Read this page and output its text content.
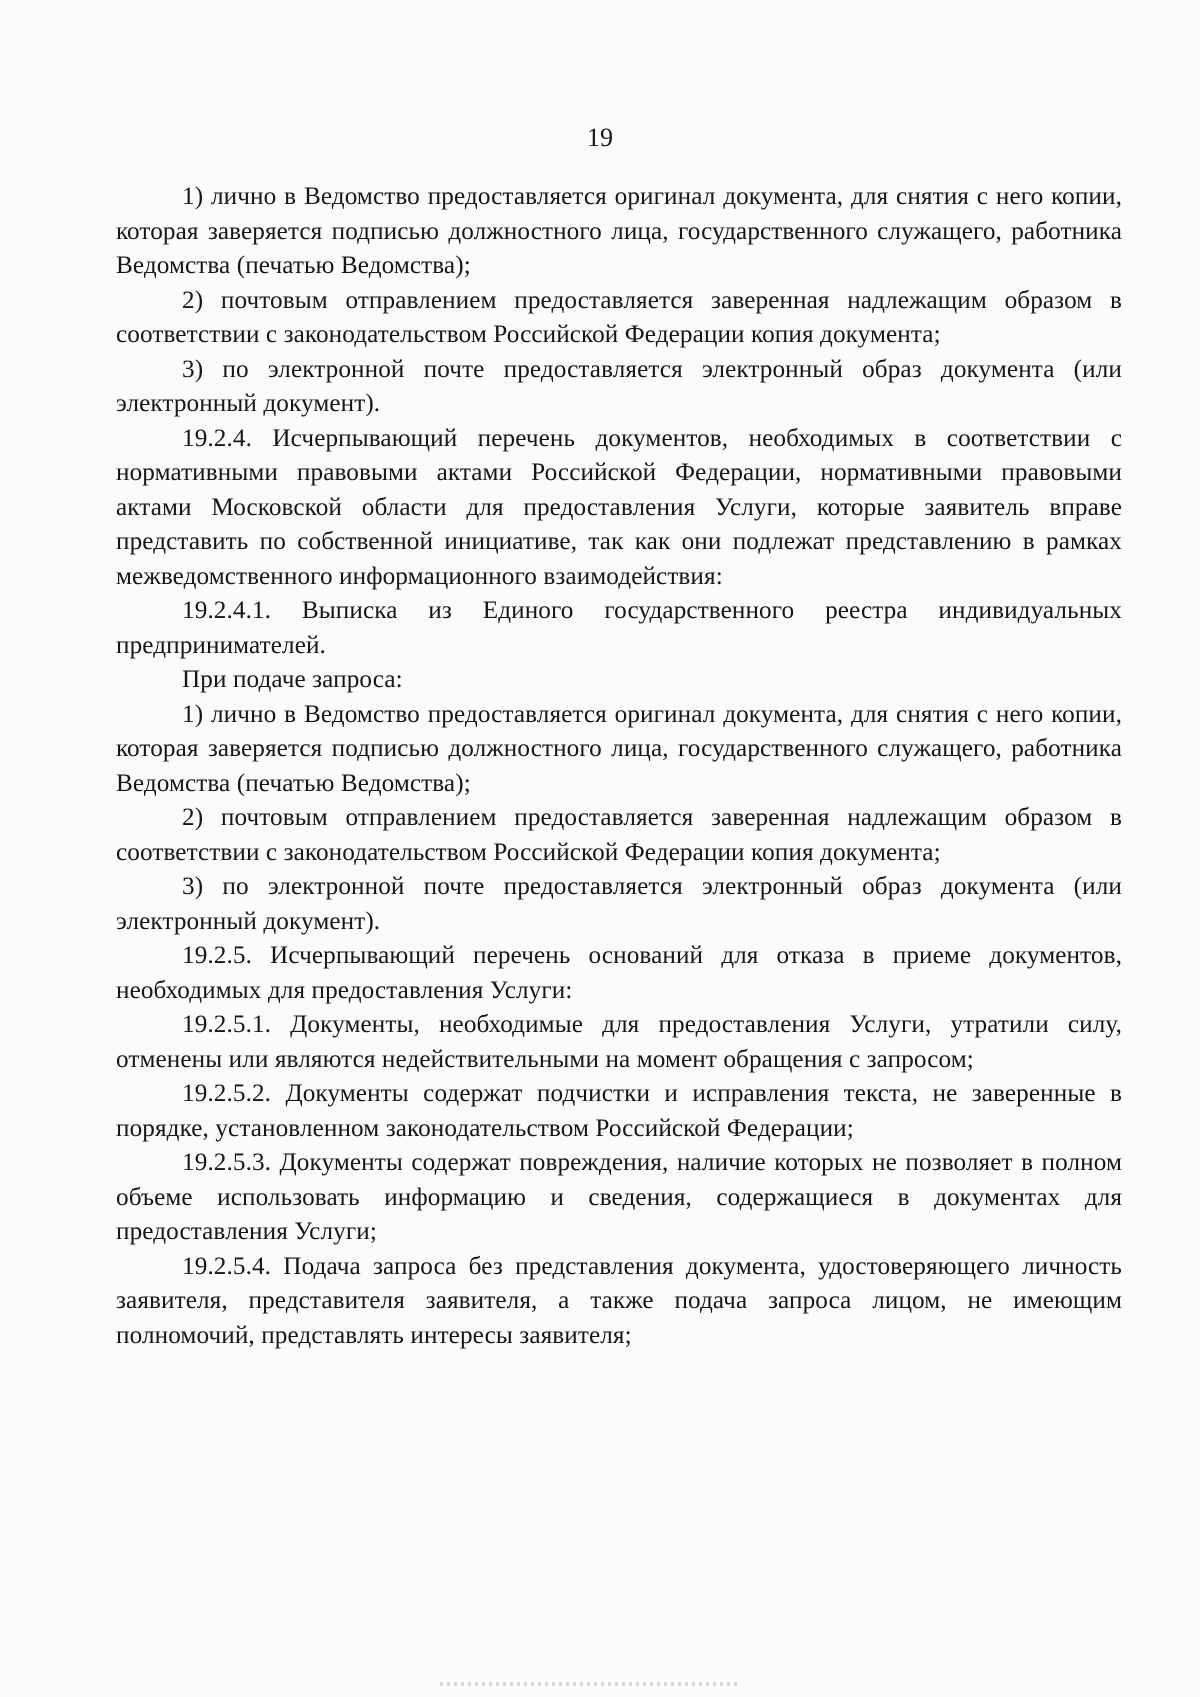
19

1) лично в Ведомство предоставляется оригинал документа, для снятия с него копии, которая заверяется подписью должностного лица, государственного служащего, работника Ведомства (печатью Ведомства);

2) почтовым отправлением предоставляется заверенная надлежащим образом в соответствии с законодательством Российской Федерации копия документа;

3) по электронной почте предоставляется электронный образ документа (или электронный документ).

19.2.4. Исчерпывающий перечень документов, необходимых в соответствии с нормативными правовыми актами Российской Федерации, нормативными правовыми актами Московской области для предоставления Услуги, которые заявитель вправе представить по собственной инициативе, так как они подлежат представлению в рамках межведомственного информационного взаимодействия:

19.2.4.1. Выписка из Единого государственного реестра индивидуальных предпринимателей.

При подаче запроса:

1) лично в Ведомство предоставляется оригинал документа, для снятия с него копии, которая заверяется подписью должностного лица, государственного служащего, работника Ведомства (печатью Ведомства);

2) почтовым отправлением предоставляется заверенная надлежащим образом в соответствии с законодательством Российской Федерации копия документа;

3) по электронной почте предоставляется электронный образ документа (или электронный документ).

19.2.5. Исчерпывающий перечень оснований для отказа в приеме документов, необходимых для предоставления Услуги:

19.2.5.1. Документы, необходимые для предоставления Услуги, утратили силу, отменены или являются недействительными на момент обращения с запросом;

19.2.5.2. Документы содержат подчистки и исправления текста, не заверенные в порядке, установленном законодательством Российской Федерации;

19.2.5.3. Документы содержат повреждения, наличие которых не позволяет в полном объеме использовать информацию и сведения, содержащиеся в документах для предоставления Услуги;

19.2.5.4. Подача запроса без представления документа, удостоверяющего личность заявителя, представителя заявителя, а также подача запроса лицом, не имеющим полномочий, представлять интересы заявителя;
